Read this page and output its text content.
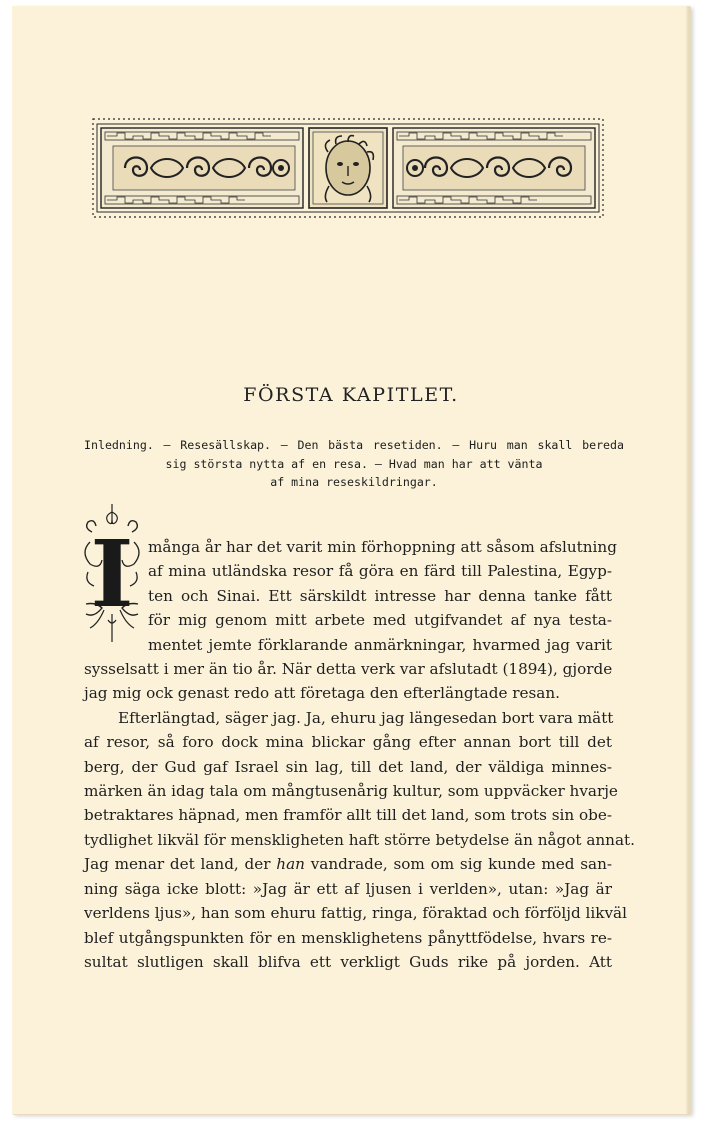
FÖRSTA KAPITLET.
Inledning. — Resesällskap. — Den bästa resetiden. — Huru man skall bereda
sig största nytta af en resa. — Hvad man har att vänta
af mina reseskildringar.
I många år har det varit min förhoppning att såsom afslutning
af mina utländska resor få göra en färd till Palestina, Egyp-
ten och Sinai. Ett särskildt intresse har denna tanke fått
för mig genom mitt arbete med utgifvandet af nya testa-
mentet jemte förklarande anmärkningar, hvarmed jag varit
sysselsatt i mer än tio år. När detta verk var afslutadt (1894), gjorde
jag mig ock genast redo att företaga den efterlängtade resan.
Efterlängtad, säger jag. Ja, ehuru jag längesedan bort vara mätt
af resor, så foro dock mina blickar gång efter annan bort till det
berg, der Gud gaf Israel sin lag, till det land, der väldiga minnes-
märken än idag tala om mångtusenårig kultur, som uppväcker hvarje
betraktares häpnad, men framför allt till det land, som trots sin obe-
tydlighet likväl för menskligheten haft större betydelse än något annat.
Jag menar det land, der han vandrade, som om sig kunde med san-
ning säga icke blott: »Jag är ett af ljusen i verlden», utan: »Jag är
verldens ljus», han som ehuru fattig, ringa, föraktad och förföljd likväl
blef utgångspunkten för en mensklighetens pånyttfödelse, hvars re-
sultat slutligen skall blifva ett verkligt Guds rike på jorden. Att
